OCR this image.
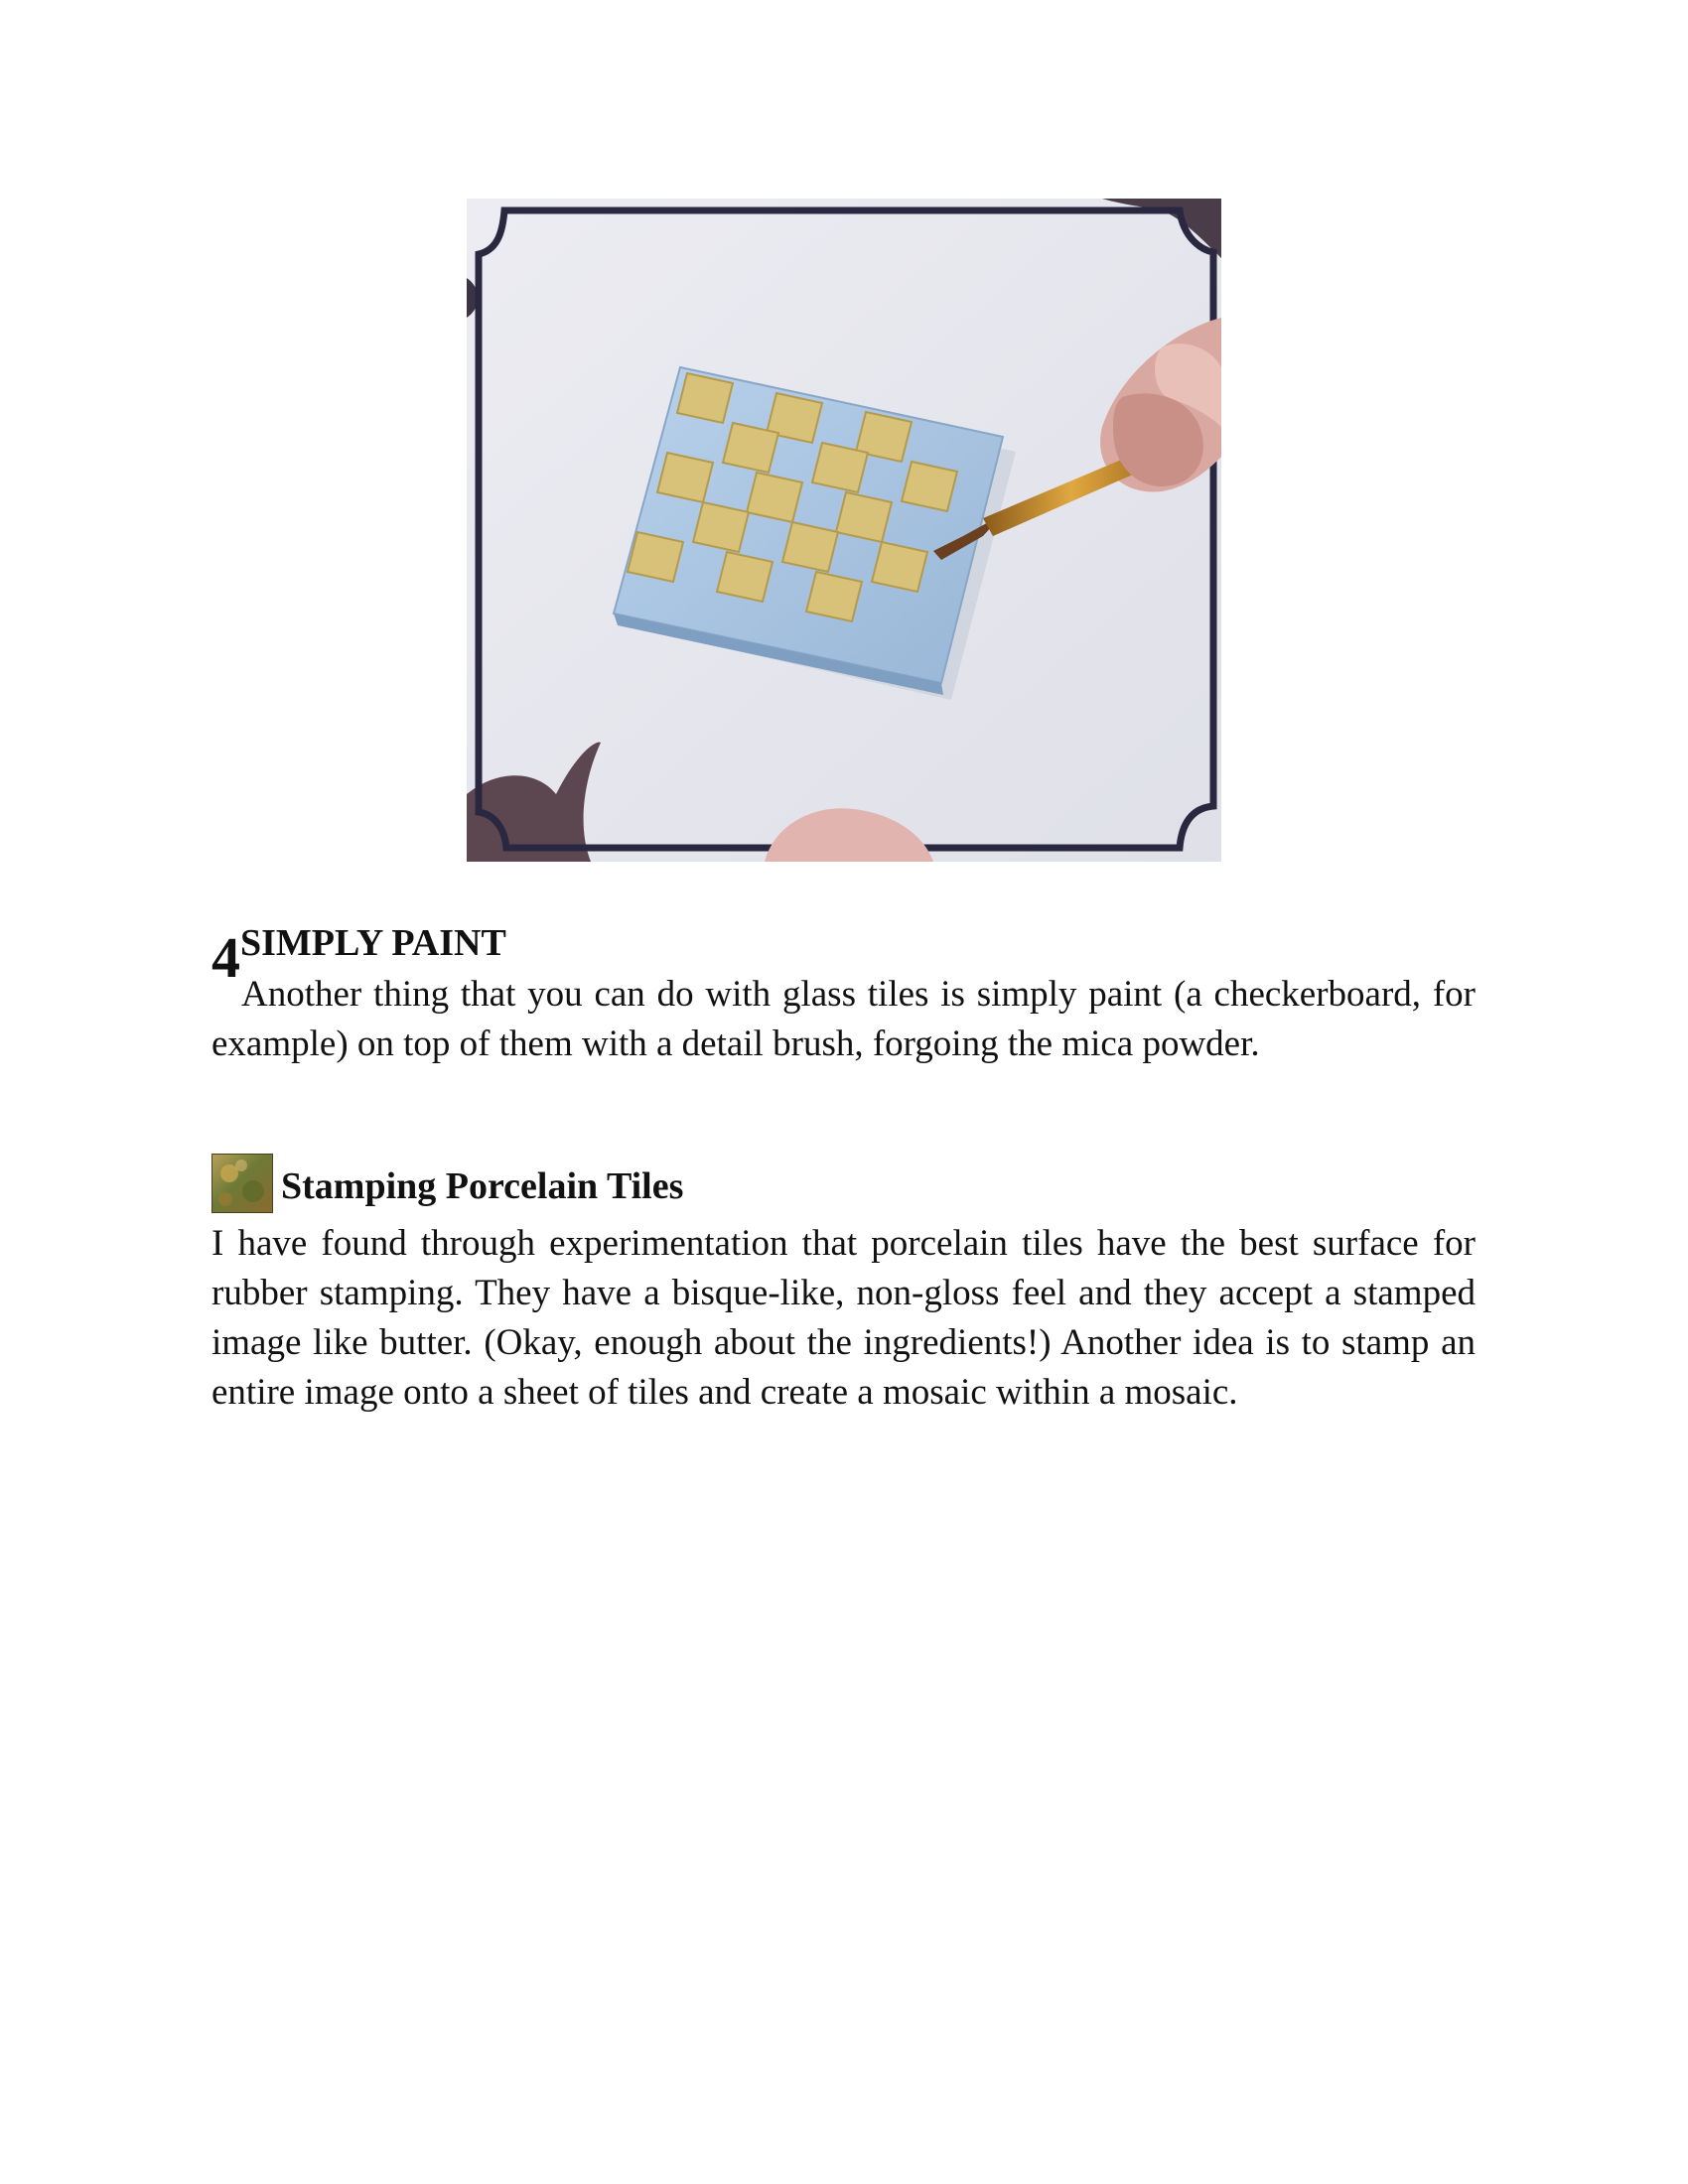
4 SIMPLY PAINT

Another thing that you can do with glass tiles is simply paint (a checkerboard, for example) on top of them with a detail brush, forgoing the mica powder.

Stamping Porcelain Tiles

I have found through experimentation that porcelain tiles have the best surface for rubber stamping. They have a bisque-like, non-gloss feel and they accept a stamped image like butter. (Okay, enough about the ingredients!) Another idea is to stamp an entire image onto a sheet of tiles and create a mosaic within a mosaic.
